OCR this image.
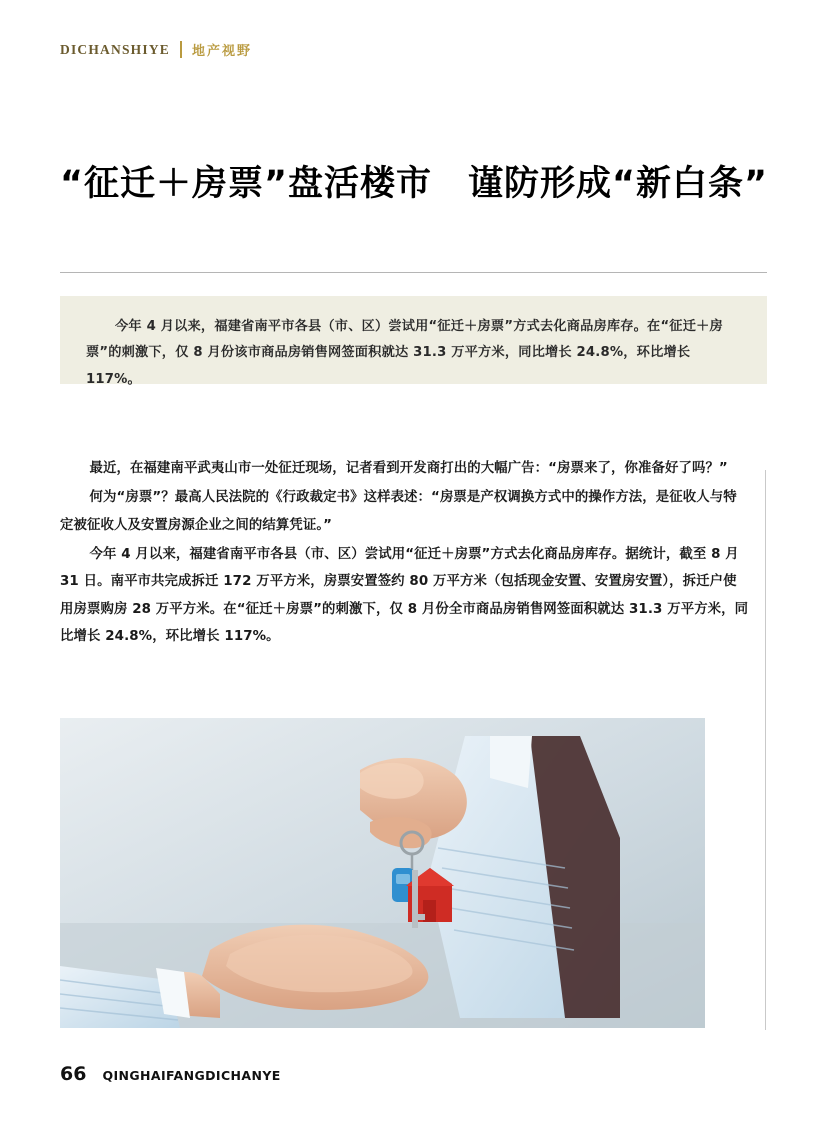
DICHANSHIYE 地产视野
“征迁＋房票”盘活楼市　谨防形成“新白条”

今年 4 月以来，福建省南平市各县（市、区）尝试用“征迁＋房票”方式去化商品房库存。在“征迁＋房票”的刺激下，仅 8 月份该市商品房销售网签面积就达 31.3 万平方米，同比增长 24.8%，环比增长 117%。

最近，在福建南平武夷山市一处征迁现场，记者看到开发商打出的大幅广告：“房票来了，你准备好了吗？”

何为“房票”？最高人民法院的《行政裁定书》这样表述：“房票是产权调换方式中的操作方法，是征收人与特定被征收人及安置房源企业之间的结算凭证。”

今年 4 月以来，福建省南平市各县（市、区）尝试用“征迁＋房票”方式去化商品房库存。据统计，截至 8 月 31 日。南平市共完成拆迁 172 万平方米，房票安置签约 80 万平方米（包括现金安置、安置房安置），拆迁户使用房票购房 28 万平方米。在“征迁＋房票”的刺激下，仅 8 月份全市商品房销售网签面积就达 31.3 万平方米，同比增长 24.8%，环比增长 117%。

66 QINGHAIFANGDICHANYE
